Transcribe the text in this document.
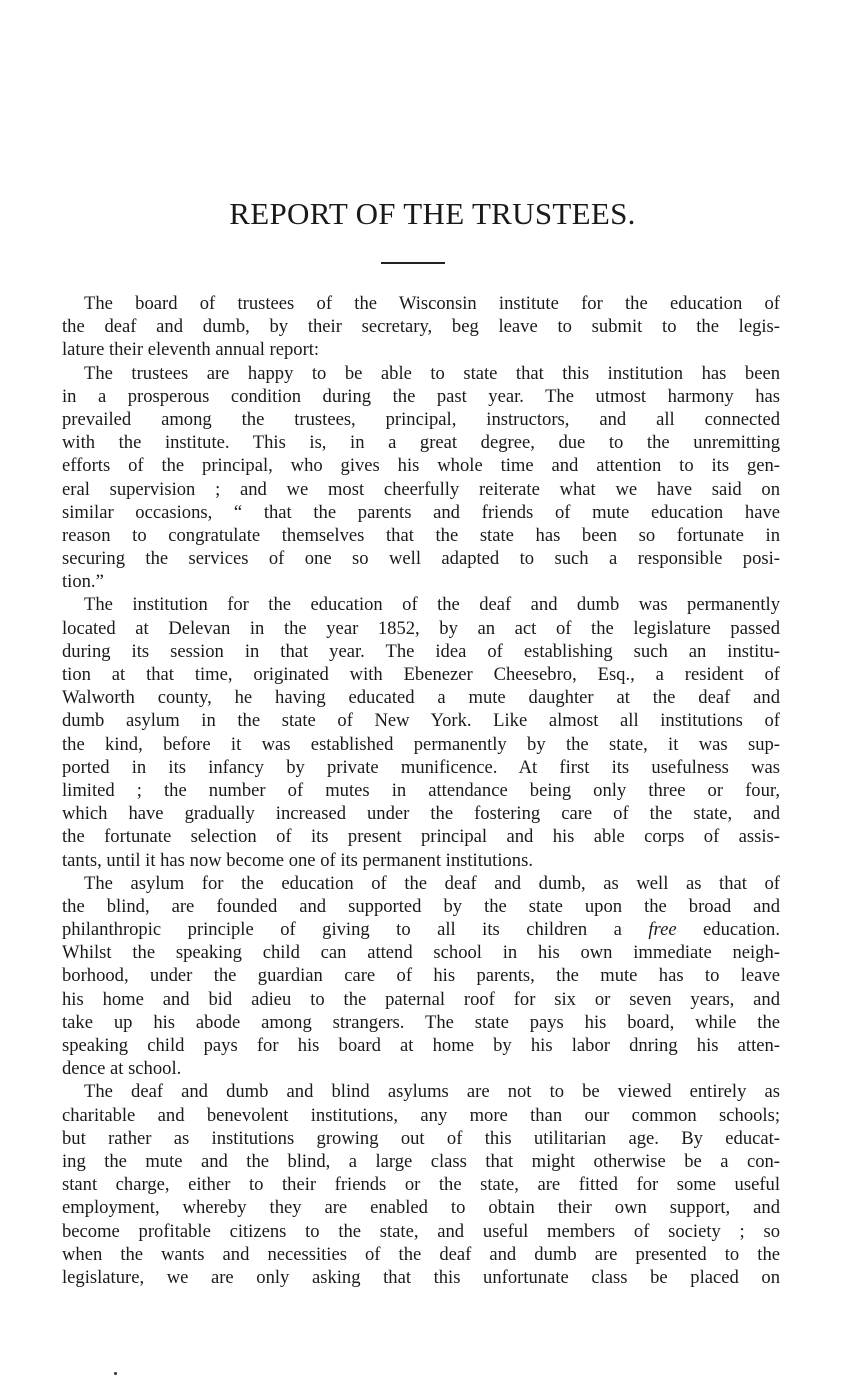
REPORT OF THE TRUSTEES.
The board of trustees of the Wisconsin institute for the education of
the deaf and dumb, by their secretary, beg leave to submit to the legis-
lature their eleventh annual report:
The trustees are happy to be able to state that this institution has been
in a prosperous condition during the past year. The utmost harmony has
prevailed among the trustees, principal, instructors, and all connected
with the institute. This is, in a great degree, due to the unremitting
efforts of the principal, who gives his whole time and attention to its gen-
eral supervision ; and we most cheerfully reiterate what we have said on
similar occasions, “ that the parents and friends of mute education have
reason to congratulate themselves that the state has been so fortunate in
securing the services of one so well adapted to such a responsible posi-
tion.”
The institution for the education of the deaf and dumb was permanently
located at Delevan in the year 1852, by an act of the legislature passed
during its session in that year. The idea of establishing such an institu-
tion at that time, originated with Ebenezer Cheesebro, Esq., a resident of
Walworth county, he having educated a mute daughter at the deaf and
dumb asylum in the state of New York. Like almost all institutions of
the kind, before it was established permanently by the state, it was sup-
ported in its infancy by private munificence. At first its usefulness was
limited ; the number of mutes in attendance being only three or four,
which have gradually increased under the fostering care of the state, and
the fortunate selection of its present principal and his able corps of assis-
tants, until it has now become one of its permanent institutions.
The asylum for the education of the deaf and dumb, as well as that of
the blind, are founded and supported by the state upon the broad and
philanthropic principle of giving to all its children a free education.
Whilst the speaking child can attend school in his own immediate neigh-
borhood, under the guardian care of his parents, the mute has to leave
his home and bid adieu to the paternal roof for six or seven years, and
take up his abode among strangers. The state pays his board, while the
speaking child pays for his board at home by his labor dnring his atten-
dence at school.
The deaf and dumb and blind asylums are not to be viewed entirely as
charitable and benevolent institutions, any more than our common schools;
but rather as institutions growing out of this utilitarian age. By educat-
ing the mute and the blind, a large class that might otherwise be a con-
stant charge, either to their friends or the state, are fitted for some useful
employment, whereby they are enabled to obtain their own support, and
become profitable citizens to the state, and useful members of society ; so
when the wants and necessities of the deaf and dumb are presented to the
legislature, we are only asking that this unfortunate class be placed on
